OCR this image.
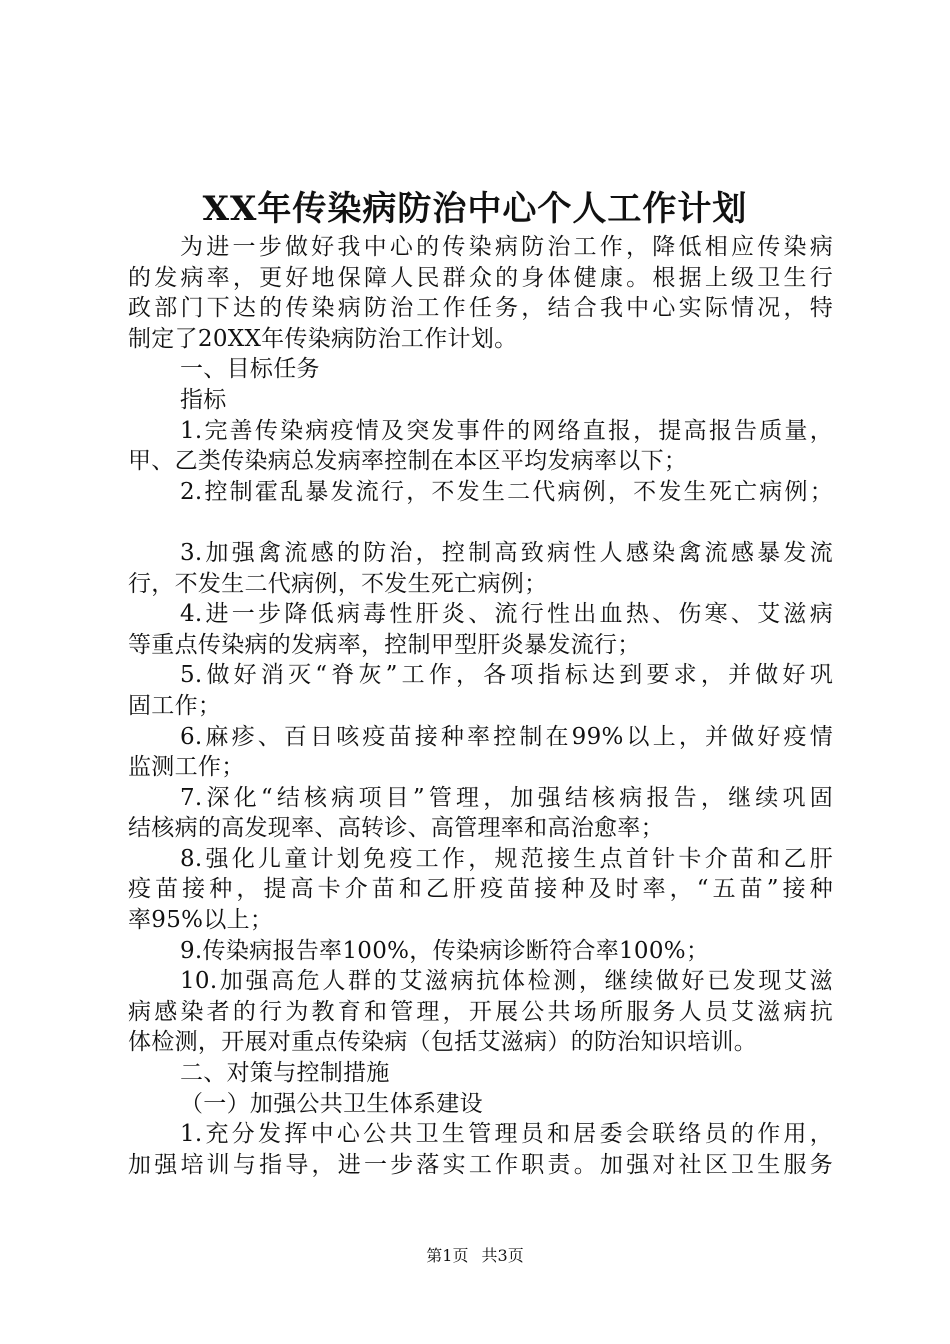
XX年传染病防治中心个人工作计划
为进一步做好我中心的传染病防治工作，降低相应传染病
的发病率，更好地保障人民群众的身体健康。根据上级卫生行
政部门下达的传染病防治工作任务，结合我中心实际情况，特
制定了20XX年传染病防治工作计划。
一、目标任务
指标
1.完善传染病疫情及突发事件的网络直报，提高报告质量，
甲、乙类传染病总发病率控制在本区平均发病率以下；
2.控制霍乱暴发流行，不发生二代病例，不发生死亡病例；
3.加强禽流感的防治，控制高致病性人感染禽流感暴发流
行，不发生二代病例，不发生死亡病例；
4.进一步降低病毒性肝炎、流行性出血热、伤寒、艾滋病
等重点传染病的发病率，控制甲型肝炎暴发流行；
5.做好消灭“脊灰”工作，各项指标达到要求，并做好巩
固工作；
6.麻疹、百日咳疫苗接种率控制在99%以上，并做好疫情
监测工作；
7.深化“结核病项目”管理，加强结核病报告，继续巩固
结核病的高发现率、高转诊、高管理率和高治愈率；
8.强化儿童计划免疫工作，规范接生点首针卡介苗和乙肝
疫苗接种，提高卡介苗和乙肝疫苗接种及时率，“五苗”接种
率95%以上；
9.传染病报告率100%，传染病诊断符合率100%；
10.加强高危人群的艾滋病抗体检测，继续做好已发现艾滋
病感染者的行为教育和管理，开展公共场所服务人员艾滋病抗
体检测，开展对重点传染病（包括艾滋病）的防治知识培训。
二、对策与控制措施
（一）加强公共卫生体系建设
1.充分发挥中心公共卫生管理员和居委会联络员的作用，
加强培训与指导，进一步落实工作职责。加强对社区卫生服务
第1页 共3页
